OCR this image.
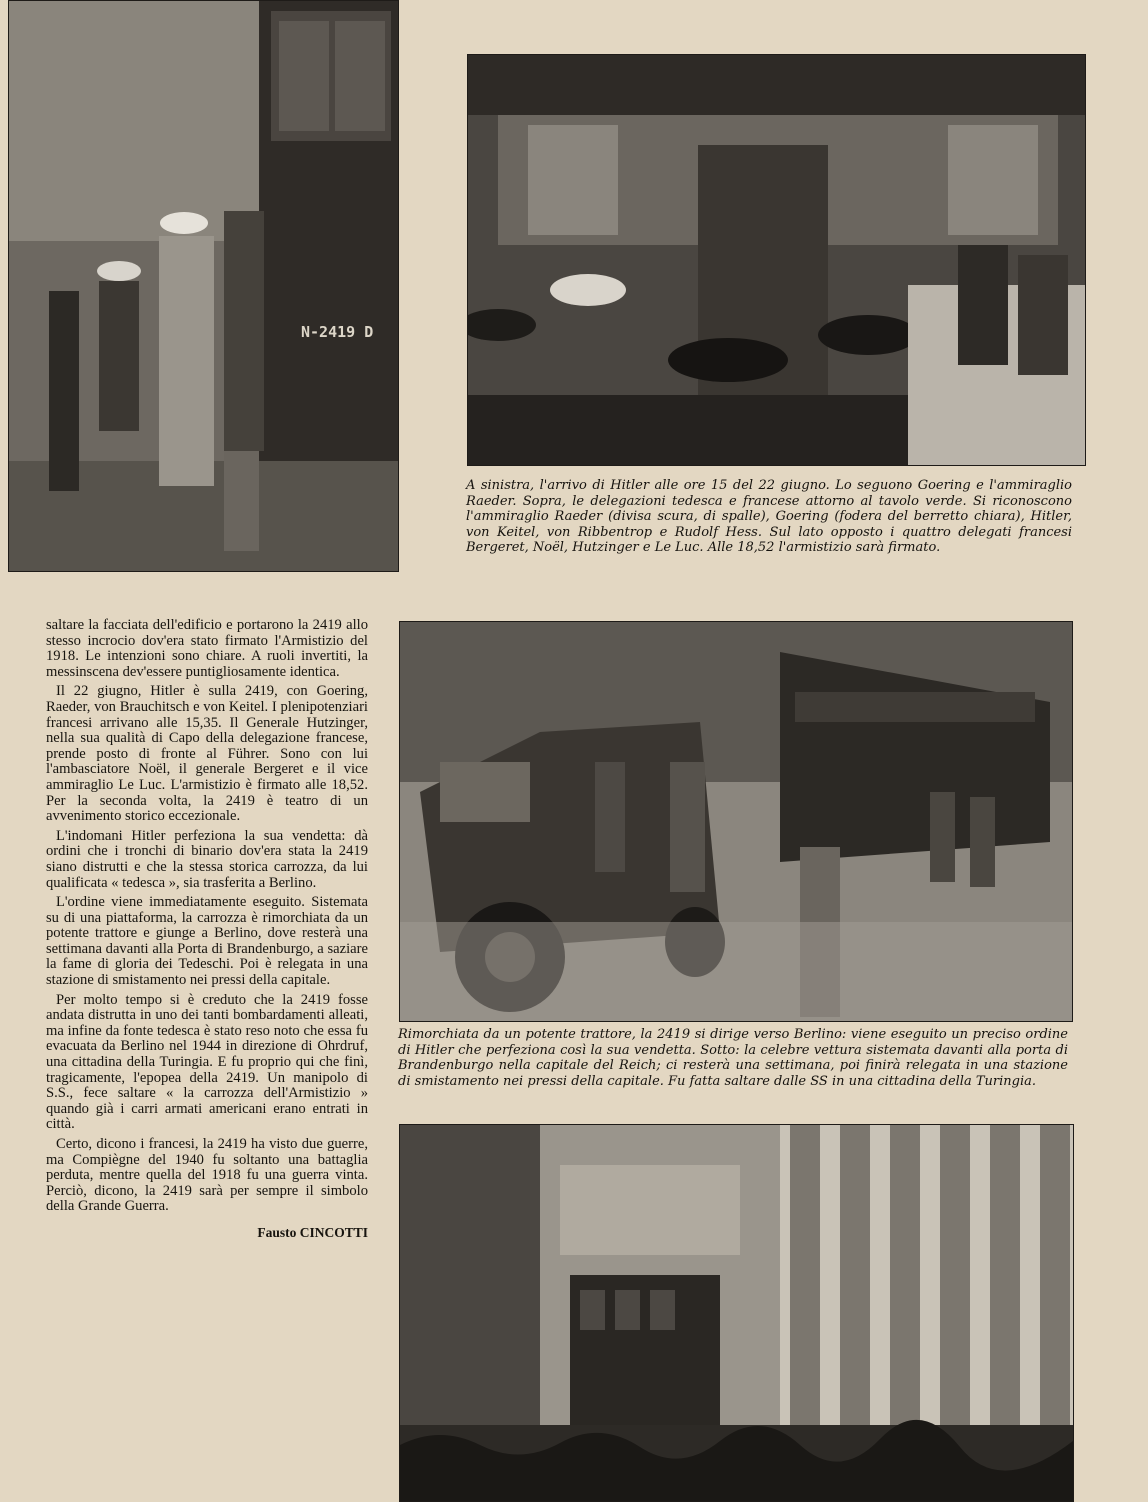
N-2419 D

A sinistra, l'arrivo di Hitler alle ore 15 del 22 giugno. Lo seguono Goering e l'ammiraglio Raeder. Sopra, le delegazioni tedesca e francese attorno al tavolo verde. Si riconoscono l'ammiraglio Raeder (divisa scura, di spalle), Goering (fodera del berretto chiara), Hitler, von Keitel, von Ribbentrop e Rudolf Hess. Sul lato opposto i quattro delegati francesi Bergeret, Noël, Hutzinger e Le Luc. Alle 18,52 l'armistizio sarà firmato.

Rimorchiata da un potente trattore, la 2419 si dirige verso Berlino: viene eseguito un preciso ordine di Hitler che perfeziona così la sua vendetta. Sotto: la celebre vettura sistemata davanti alla porta di Brandenburgo nella capitale del Reich; ci resterà una settimana, poi finirà relegata in una stazione di smistamento nei pressi della capitale. Fu fatta saltare dalle SS in una cittadina della Turingia.

saltare la facciata dell'edificio e portarono la 2419 allo stesso incrocio dov'era stato firmato l'Armistizio del 1918. Le intenzioni sono chiare. A ruoli invertiti, la messinscena dev'essere puntigliosamente identica.

Il 22 giugno, Hitler è sulla 2419, con Goering, Raeder, von Brauchitsch e von Keitel. I plenipotenziari francesi arrivano alle 15,35. Il Generale Hutzinger, nella sua qualità di Capo della delegazione francese, prende posto di fronte al Führer. Sono con lui l'ambasciatore Noël, il generale Bergeret e il vice ammiraglio Le Luc. L'armistizio è firmato alle 18,52. Per la seconda volta, la 2419 è teatro di un avvenimento storico eccezionale.

L'indomani Hitler perfeziona la sua vendetta: dà ordini che i tronchi di binario dov'era stata la 2419 siano distrutti e che la stessa storica carrozza, da lui qualificata « tedesca », sia trasferita a Berlino.

L'ordine viene immediatamente eseguito. Sistemata su di una piattaforma, la carrozza è rimorchiata da un potente trattore e giunge a Berlino, dove resterà una settimana davanti alla Porta di Brandenburgo, a saziare la fame di gloria dei Tedeschi. Poi è relegata in una stazione di smistamento nei pressi della capitale.

Per molto tempo si è creduto che la 2419 fosse andata distrutta in uno dei tanti bombardamenti alleati, ma infine da fonte tedesca è stato reso noto che essa fu evacuata da Berlino nel 1944 in direzione di Ohrdruf, una cittadina della Turingia. E fu proprio qui che finì, tragicamente, l'epopea della 2419. Un manipolo di S.S., fece saltare « la carrozza dell'Armistizio » quando già i carri armati americani erano entrati in città.

Certo, dicono i francesi, la 2419 ha visto due guerre, ma Compiègne del 1940 fu soltanto una battaglia perduta, mentre quella del 1918 fu una guerra vinta. Perciò, dicono, la 2419 sarà per sempre il simbolo della Grande Guerra.

Fausto CINCOTTI
